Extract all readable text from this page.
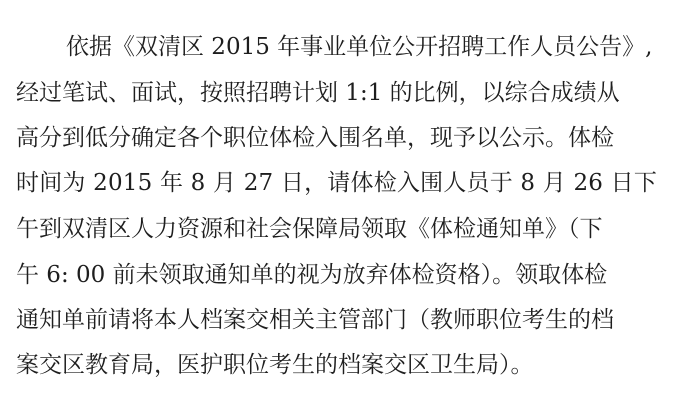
依据《双清区 2015 年事业单位公开招聘工作人员公告》,
经过笔试、面试，按照招聘计划 1:1 的比例，以综合成绩从
高分到低分确定各个职位体检入围名单，现予以公示。体检
时间为 2015 年 8 月 27 日，请体检入围人员于 8 月 26 日下
午到双清区人力资源和社会保障局领取《体检通知单》（下
午 6: 00 前未领取通知单的视为放弃体检资格）。领取体检
通知单前请将本人档案交相关主管部门（教师职位考生的档
案交区教育局，医护职位考生的档案交区卫生局）。
